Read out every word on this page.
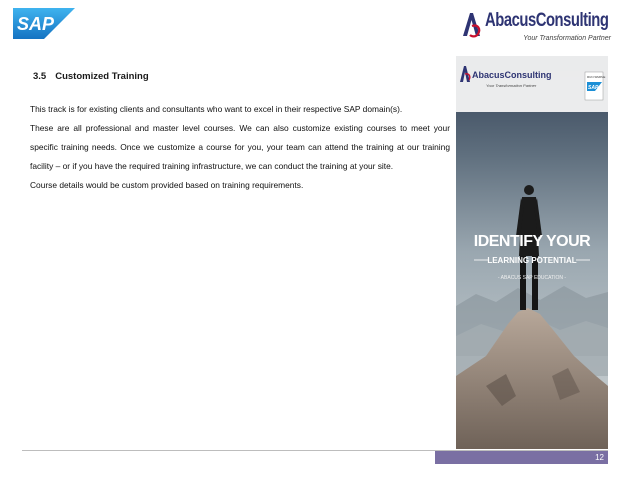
SAP
®
AbacusConsulting
Your Transformation Partner
3.5 Customized Training

This track is for existing clients and consultants who want to excel in their respective SAP domain(s).

These are all professional and master level courses. We can also customize existing courses to meet your specific training needs. Once we customize a course for you, your team can attend the training at our training facility – or if you have the required training infrastructure, we can conduct the training at your site.

Course details would be custom provided based on training requirements.

AbacusConsulting
Your Transformation Partner
RUN SIMPLE
SAP
IDENTIFY YOUR
LEARNING POTENTIAL
- ABACUS SAP EDUCATION -
12
